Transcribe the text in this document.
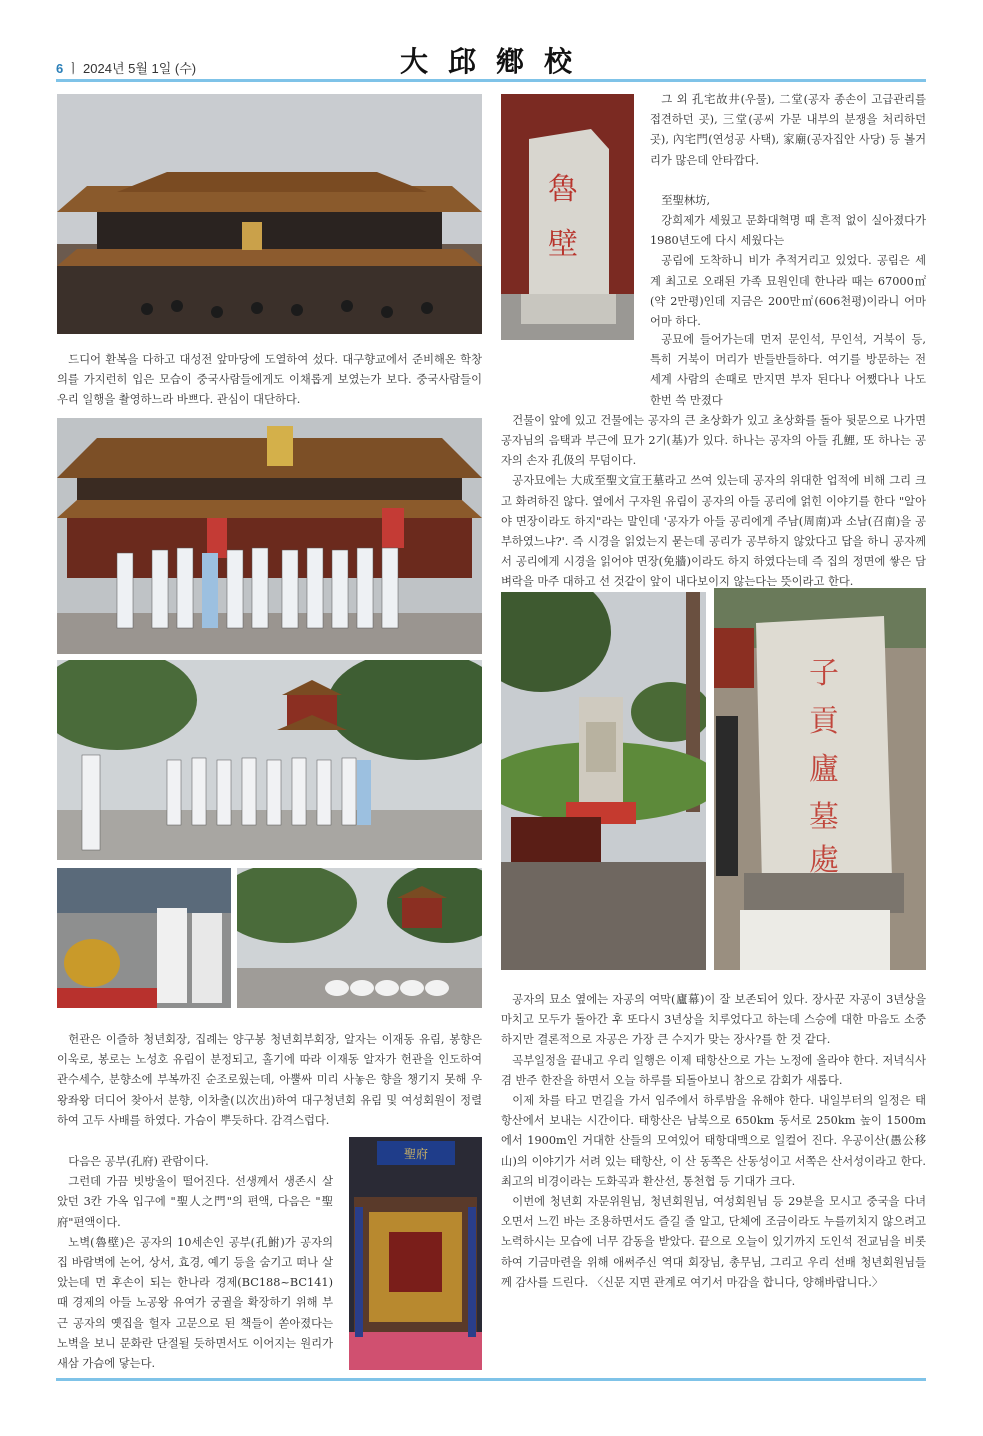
6 ㅣ 2024년 5월 1일 (수)	大邱鄕校

드디어 환복을 다하고 대성전 앞마당에 도열하여 섰다. 대구향교에서 준비해온 학창의를 가지런히 입은 모습이 중국사람들에게도 이채롭게 보였는가 보다. 중국사람들이 우리 일행을 촬영하느라 바쁘다. 관심이 대단하다.

헌관은 이즐하 청년회장, 집례는 양구봉 청년회부회장, 알자는 이재동 유림, 봉향은 이욱로, 봉로는 노성호 유림이 분정되고, 홀기에 따라 이재동 알자가 헌관을 인도하여 관수세수, 분향소에 부복까진 순조로웠는데, 아뿔싸 미리 사놓은 향을 챙기지 못해 우왕좌왕 더디어 찾아서 분향, 이차출(以次出)하여 대구청년회 유림 및 여성회원이 정렬하여 고두 사배를 하였다. 가슴이 뿌듯하다. 감격스럽다.

다음은 공부(孔府) 관람이다.

그런데 가끔 빗방울이 떨어진다. 선생께서 생존시 살았던 3칸 가옥 입구에 "聖人之門"의 편액, 다음은 "聖府"편액이다.

노벽(魯壁)은 공자의 10세손인 공부(孔鮒)가 공자의 집 바람벽에 논어, 상서, 효경, 예기 등을 숨기고 떠나 살았는데 먼 후손이 되는 한나라 경제(BC188~BC141)때 경제의 아들 노공왕 유여가 궁궐을 확장하기 위해 부근 공자의 옛집을 헐자 고문으로 된 책들이 쏟아졌다는 노벽을 보니 문화란 단절될 듯하면서도 이어지는 원리가 새삼 가슴에 닿는다.

聖府
魯
壁

그 외 孔宅故井(우물), 二堂(공자 종손이 고급관리를 접견하던 곳), 三堂(공씨 가문 내부의 분쟁을 처리하던 곳), 內宅門(연성공 사택), 家廟(공자집안 사당) 등 볼거리가 많은데 안타깝다.

至聖林坊,

강희제가 세웠고 문화대혁명 때 흔적 없이 실아졌다가 1980년도에 다시 세웠다는

공림에 도착하니 비가 추적거리고 있었다. 공림은 세계 최고로 오래된 가족 묘원인데 한나라 때는 67000㎡(약 2만평)인데 지금은 200만㎡(606천평)이라니 어마어마 하다.

공묘에 들어가는데 먼저 문인석, 무인석, 거북이 등, 특히 거북이 머리가 반들반들하다. 여기를 방문하는 전 세계 사람의 손때로 만지면 부자 된다나 어쨌다나 나도 한번 쓱 만졌다

건물이 앞에 있고 건물에는 공자의 큰 초상화가 있고 초상화를 돌아 뒷문으로 나가면 공자님의 음택과 부근에 묘가 2기(基)가 있다. 하나는 공자의 아들 孔鯉, 또 하나는 공자의 손자 孔伋의 무덤이다.

공자묘에는 大成至聖文宣王墓라고 쓰여 있는데 공자의 위대한 업적에 비해 그리 크고 화려하진 않다. 옆에서 구자원 유림이 공자의 아들 공리에 얽힌 이야기를 한다 "알아야 면장이라도 하지"라는 말인데 '공자가 아들 공리에게 주남(周南)과 소남(召南)을 공부하였느냐?'. 즉 시경을 읽었는지 묻는데 공리가 공부하지 않았다고 답을 하니 공자께서 공리에게 시경을 읽어야 면장(免牆)이라도 하지 하였다는데 즉 집의 정면에 쌓은 담벼락을 마주 대하고 선 것같이 앞이 내다보이지 않는다는 뜻이라고 한다.

子
貢
廬
墓
處

공자의 묘소 옆에는 자공의 여막(廬幕)이 잘 보존되어 있다. 장사꾼 자공이 3년상을 마치고 모두가 돌아간 후 또다시 3년상을 치루었다고 하는데 스승에 대한 마음도 소중하지만 결론적으로 자공은 가장 큰 수지가 맞는 장사?를 한 것 같다.

곡부일정을 끝내고 우리 일행은 이제 태항산으로 가는 노정에 올라야 한다. 저녁식사 겸 반주 한잔을 하면서 오늘 하루를 되돌아보니 참으로 감회가 새롭다.

이제 차를 타고 먼길을 가서 임주에서 하루밤을 유해야 한다. 내일부터의 일정은 태항산에서 보내는 시간이다. 태항산은 남북으로 650km 동서로 250km 높이 1500m에서 1900m인 거대한 산들의 모여있어 태항대맥으로 일컬어 진다. 우공이산(愚公移山)의 이야기가 서려 있는 태항산, 이 산 동쪽은 산동성이고 서쪽은 산서성이라고 한다. 최고의 비경이라는 도화곡과 환산선, 통천협 등 기대가 크다.

이번에 청년회 자문위원님, 청년회원님, 여성회원님 등 29분을 모시고 중국을 다녀오면서 느낀 바는 조용하면서도 즐길 줄 알고, 단체에 조금이라도 누를끼치지 않으려고 노력하시는 모습에 너무 감동을 받았다. 끝으로 오늘이 있기까지 도인석 전교님을 비롯하여 기금마련을 위해 애써주신 역대 회장님, 총무님, 그리고 우리 선배 청년회원님들께 감사를 드린다. 〈신문 지면 관계로 여기서 마감을 합니다, 양해바랍니다.〉
